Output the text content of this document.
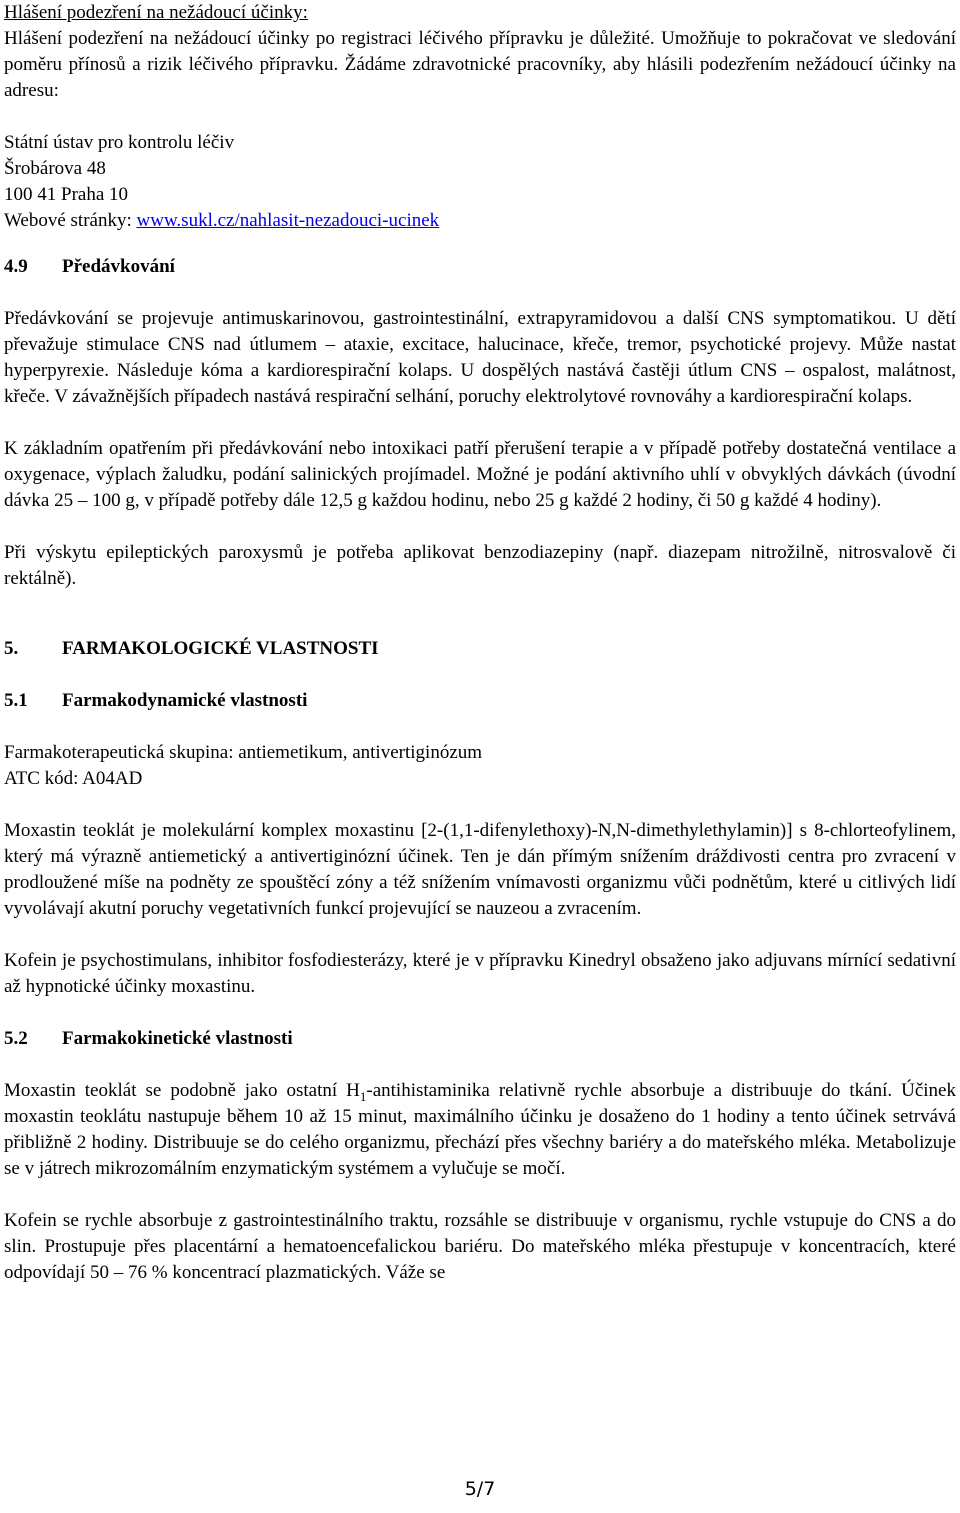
Hlášení podezření na nežádoucí účinky:

Hlášení podezření na nežádoucí účinky po registraci léčivého přípravku je důležité. Umožňuje to pokračovat ve sledování poměru přínosů a rizik léčivého přípravku. Žádáme zdravotnické pracovníky, aby hlásili podezřením nežádoucí účinky na adresu:

Státní ústav pro kontrolu léčiv

Šrobárova 48

100 41 Praha 10

Webové stránky: www.sukl.cz/nahlasit-nezadouci-ucinek

4.9	Předávkování

Předávkování se projevuje antimuskarinovou, gastrointestinální, extrapyramidovou a další CNS symptomatikou. U dětí převažuje stimulace CNS nad útlumem – ataxie, excitace, halucinace, křeče, tremor, psychotické projevy. Může nastat hyperpyrexie. Následuje kóma a kardiorespirační kolaps. U dospělých nastává častěji útlum CNS – ospalost, malátnost, křeče. V závažnějších případech nastává respirační selhání, poruchy elektrolytové rovnováhy a kardiorespirační kolaps.

K základním opatřením při předávkování nebo intoxikaci patří přerušení terapie a v případě potřeby dostatečná ventilace a oxygenace, výplach žaludku, podání salinických projímadel. Možné je podání aktivního uhlí v obvyklých dávkách (úvodní dávka 25 – 100 g, v případě potřeby dále 12,5 g každou hodinu, nebo 25 g každé 2 hodiny, či 50 g každé 4 hodiny).

Při výskytu epileptických paroxysmů je potřeba aplikovat benzodiazepiny (např. diazepam nitrožilně, nitrosvalově či rektálně).

5.	FARMAKOLOGICKÉ VLASTNOSTI
5.1	Farmakodynamické vlastnosti

Farmakoterapeutická skupina: antiemetikum, antivertiginózum

ATC kód: A04AD

Moxastin teoklát je molekulární komplex moxastinu [2-(1,1-difenylethoxy)-N,N-dimethylethylamin)] s 8-chlorteofylinem, který má výrazně antiemetický a antivertiginózní účinek. Ten je dán přímým snížením dráždivosti centra pro zvracení v prodloužené míše na podněty ze spouštěcí zóny a též snížením vnímavosti organizmu vůči podnětům, které u citlivých lidí vyvolávají akutní poruchy vegetativních funkcí projevující se nauzeou a zvracením.

Kofein je psychostimulans, inhibitor fosfodiesterázy, které je v přípravku Kinedryl obsaženo jako adjuvans mírnící sedativní až hypnotické účinky moxastinu.

5.2	Farmakokinetické vlastnosti

Moxastin teoklát se podobně jako ostatní $H_1$-antihistaminika relativně rychle absorbuje a distribuuje do tkání. Účinek moxastin teoklátu nastupuje během 10 až 15 minut, maximálního účinku je dosaženo do 1 hodiny a tento účinek setrvává přibližně 2 hodiny. Distribuuje se do celého organizmu, přechází přes všechny bariéry a do mateřského mléka. Metabolizuje se v játrech mikrozomálním enzymatickým systémem a vylučuje se močí.

Kofein se rychle absorbuje z gastrointestinálního traktu, rozsáhle se distribuuje v organismu, rychle vstupuje do CNS a do slin. Prostupuje přes placentární a hematoencefalickou bariéru. Do mateřského mléka přestupuje v koncentracích, které odpovídají 50 – 76 % koncentrací plazmatických. Váže se

5/7
